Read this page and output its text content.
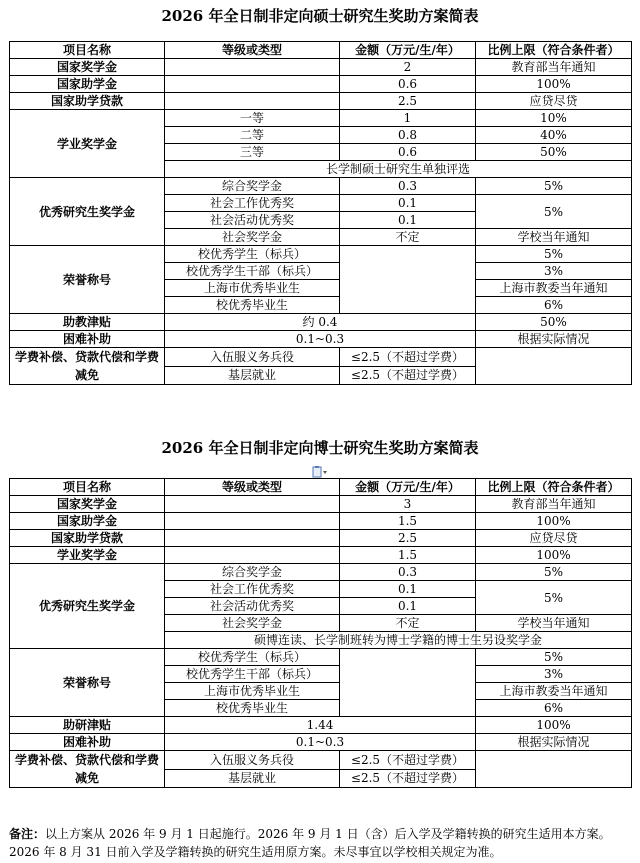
2026 年全日制非定向硕士研究生奖助方案简表
项目名称	等级或类型	金额（万元/生/年）	比例上限（符合条件者）
国家奖学金		2	教育部当年通知
国家助学金		0.6	100%
国家助学贷款		2.5	应贷尽贷
学业奖学金	一等	1	10%
	二等	0.8	40%
	三等	0.6	50%
	长学制硕士研究生单独评选		
优秀研究生奖学金	综合奖学金	0.3	5%
	社会工作优秀奖	0.1	5%
	社会活动优秀奖	0.1	
	社会奖学金	不定	学校当年通知
荣誉称号	校优秀学生（标兵）		5%
	校优秀学生干部（标兵）		3%
	上海市优秀毕业生		上海市教委当年通知
	校优秀毕业生		6%
助教津贴	约 0.4		50%
困难补助	0.1~0.3		根据实际情况
学费补偿、贷款代偿和学费减免	入伍服义务兵役	≤2.5（不超过学费）	
	基层就业	≤2.5（不超过学费）	
2026 年全日制非定向博士研究生奖助方案简表
项目名称	等级或类型	金额（万元/生/年）	比例上限（符合条件者）
国家奖学金		3	教育部当年通知
国家助学金		1.5	100%
国家助学贷款		2.5	应贷尽贷
学业奖学金		1.5	100%
优秀研究生奖学金	综合奖学金	0.3	5%
	社会工作优秀奖	0.1	5%
	社会活动优秀奖	0.1	
	社会奖学金	不定	学校当年通知
	硕博连读、长学制班转为博士学籍的博士生另设奖学金		
荣誉称号	校优秀学生（标兵）		5%
	校优秀学生干部（标兵）		3%
	上海市优秀毕业生		上海市教委当年通知
	校优秀毕业生		6%
助研津贴	1.44		100%
困难补助	0.1~0.3		根据实际情况
学费补偿、贷款代偿和学费减免	入伍服义务兵役	≤2.5（不超过学费）	
	基层就业	≤2.5（不超过学费）	
备注：以上方案从 2026 年 9 月 1 日起施行。2026 年 9 月 1 日（含）后入学及学籍转换的研究生适用本方案。2026 年 8 月 31 日前入学及学籍转换的研究生适用原方案。未尽事宜以学校相关规定为准。
